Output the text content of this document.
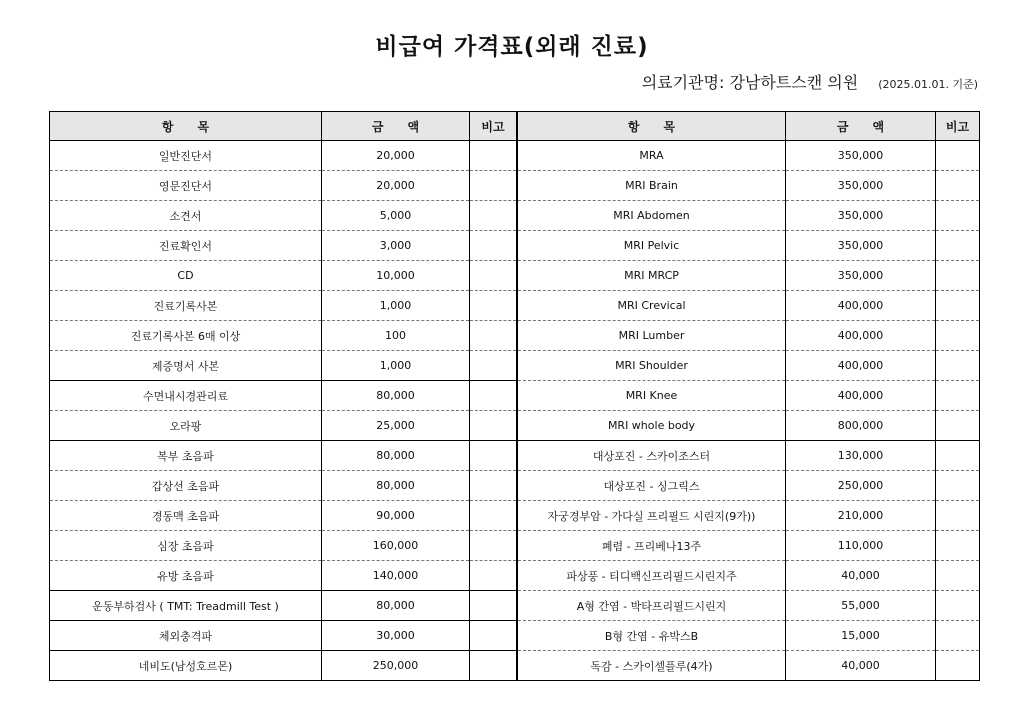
비급여 가격표(외래 진료)
의료기관명: 강남하트스캔 의원 (2025.01.01. 기준)
항　　목	금　　액	비고
일반진단서	20,000	
영문진단서	20,000	
소견서	5,000	
진료확인서	3,000	
CD	10,000	
진료기록사본	1,000	
진료기록사본 6매 이상	100	
제증명서 사본	1,000	
수면내시경관리료	80,000	
오라팡	25,000	
복부 초음파	80,000	
갑상선 초음파	80,000	
경동맥 초음파	90,000	
심장 초음파	160,000	
유방 초음파	140,000	
운동부하검사 ( TMT: Treadmill Test )	80,000	
체외충격파	30,000	
네비도(남성호르몬)	250,000	
항　　목	금　　액	비고
MRA	350,000	
MRI Brain	350,000	
MRI Abdomen	350,000	
MRI Pelvic	350,000	
MRI MRCP	350,000	
MRI Crevical	400,000	
MRI Lumber	400,000	
MRI Shoulder	400,000	
MRI Knee	400,000	
MRI whole body	800,000	
대상포진 - 스카이조스터	130,000	
대상포진 - 싱그릭스	250,000	
자궁경부암 - 가다실 프리필드 시린지(9가))	210,000	
폐렴 - 프리베나13주	110,000	
파상풍 - 티디백신프리필드시린지주	40,000	
A형 간염 - 박타프리필드시린지	55,000	
B형 간염 - 유박스B	15,000	
독감 - 스카이셀플루(4가)	40,000	
